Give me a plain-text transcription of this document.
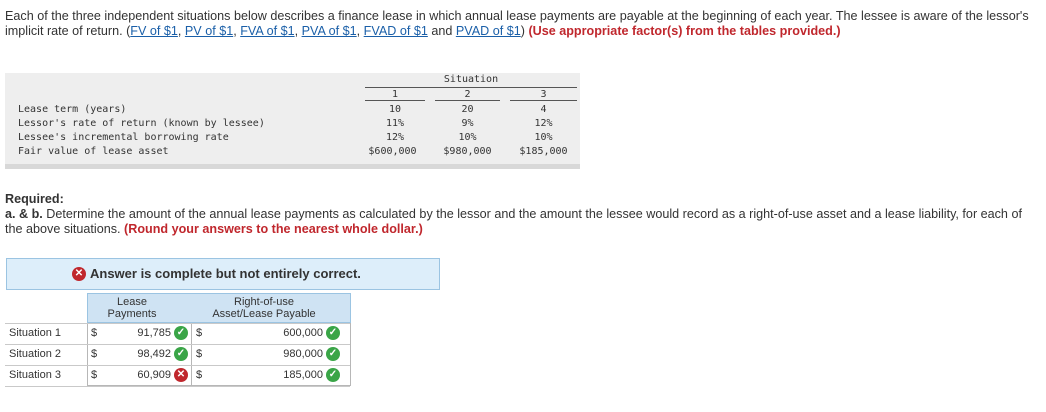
Each of the three independent situations below describes a finance lease in which annual lease payments are payable at the beginning of each year. The lessee is aware of the lessor's implicit rate of return. (FV of $1, PV of $1, FVA of $1, PVA of $1, FVAD of $1 and PVAD of $1) (Use appropriate factor(s) from the tables provided.)
Situation
1	2	3
Lease term (years)	10	20	4
Lessor's rate of return (known by lessee)	11%	9%	12%
Lessee's incremental borrowing rate	12%	10%	10%
Fair value of lease asset	$600,000	$980,000	$185,000
Required:
a. & b. Determine the amount of the annual lease payments as calculated by the lessor and the amount the lessee would record as a right-of-use asset and a lease liability, for each of the above situations. (Round your answers to the nearest whole dollar.)
✕ Answer is complete but not entirely correct.
Lease
Payments
Right-of-use
Asset/Lease Payable
Situation 1	$	91,785 ✓ $	600,000 ✓
Situation 2	$	98,492 ✓ $	980,000 ✓
Situation 3	$	60,909 ✕ $	185,000 ✓
